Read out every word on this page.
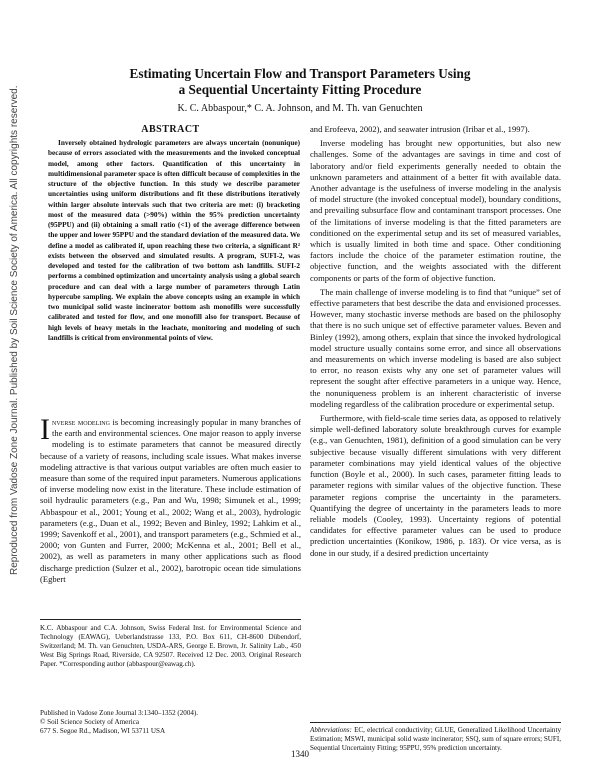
Reproduced from Vadose Zone Journal. Published by Soil Science Society of America. All copyrights reserved.
Estimating Uncertain Flow and Transport Parameters Using
a Sequential Uncertainty Fitting Procedure
K. C. Abbaspour,* C. A. Johnson, and M. Th. van Genuchten
ABSTRACT

Inversely obtained hydrologic parameters are always uncertain (nonunique) because of errors associated with the measurements and the invoked conceptual model, among other factors. Quantification of this uncertainty in multidimensional parameter space is often difficult because of complexities in the structure of the objective function. In this study we describe parameter uncertainties using uniform distributions and fit these distributions iteratively within larger absolute intervals such that two criteria are met: (i) bracketing most of the measured data (>90%) within the 95% prediction uncertainty (95PPU) and (ii) obtaining a small ratio (<1) of the average difference between the upper and lower 95PPU and the standard deviation of the measured data. We define a model as calibrated if, upon reaching these two criteria, a significant R² exists between the observed and simulated results. A program, SUFI-2, was developed and tested for the calibration of two bottom ash landfills. SUFI-2 performs a combined optimization and uncertainty analysis using a global search procedure and can deal with a large number of parameters through Latin hypercube sampling. We explain the above concepts using an example in which two municipal solid waste incinerator bottom ash monofills were successfully calibrated and tested for flow, and one monofill also for transport. Because of high levels of heavy metals in the leachate, monitoring and modeling of such landfills is critical from environmental points of view.

Inverse modeling is becoming increasingly popular in many branches of the earth and environmental sciences. One major reason to apply inverse modeling is to estimate parameters that cannot be measured directly because of a variety of reasons, including scale issues. What makes inverse modeling attractive is that various output variables are often much easier to measure than some of the required input parameters. Numerous applications of inverse modeling now exist in the literature. These include estimation of soil hydraulic parameters (e.g., Pan and Wu, 1998; Simunek et al., 1999; Abbaspour et al., 2001; Young et al., 2002; Wang et al., 2003), hydrologic parameters (e.g., Duan et al., 1992; Beven and Binley, 1992; Lahkim et al., 1999; Savenkoff et al., 2001), and transport parameters (e.g., Schmied et al., 2000; von Gunten and Furrer, 2000; McKenna et al., 2001; Bell et al., 2002), as well as parameters in many other applications such as flood discharge prediction (Sulzer et al., 2002), barotropic ocean tide simulations (Egbert

K.C. Abbaspour and C.A. Johnson, Swiss Federal Inst. for Environmental Science and Technology (EAWAG), Ueberlandstrasse 133, P.O. Box 611, CH-8600 Dübendorf, Switzerland; M. Th. van Genuchten, USDA-ARS, George E. Brown, Jr. Salinity Lab., 450 West Big Springs Road, Riverside, CA 92507. Received 12 Dec. 2003. Original Research Paper. *Corresponding author (abbaspour@eawag.ch).
Published in Vadose Zone Journal 3:1340–1352 (2004).
© Soil Science Society of America
677 S. Segoe Rd., Madison, WI 53711 USA

and Erofeeva, 2002), and seawater intrusion (Iribar et al., 1997).

Inverse modeling has brought new opportunities, but also new challenges. Some of the advantages are savings in time and cost of laboratory and/or field experiments generally needed to obtain the unknown parameters and attainment of a better fit with available data. Another advantage is the usefulness of inverse modeling in the analysis of model structure (the invoked conceptual model), boundary conditions, and prevailing subsurface flow and contaminant transport processes. One of the limitations of inverse modeling is that the fitted parameters are conditioned on the experimental setup and its set of measured variables, which is usually limited in both time and space. Other conditioning factors include the choice of the parameter estimation routine, the objective function, and the weights associated with the different components or parts of the form of objective function.

The main challenge of inverse modeling is to find that “unique” set of effective parameters that best describe the data and envisioned processes. However, many stochastic inverse methods are based on the philosophy that there is no such unique set of effective parameter values. Beven and Binley (1992), among others, explain that since the invoked hydrological model structure usually contains some error, and since all observations and measurements on which inverse modeling is based are also subject to error, no reason exists why any one set of parameter values will represent the sought after effective parameters in a unique way. Hence, the nonuniqueness problem is an inherent characteristic of inverse modeling regardless of the calibration procedure or experimental setup.

Furthermore, with field-scale time series data, as opposed to relatively simple well-defined laboratory solute breakthrough curves for example (e.g., van Genuchten, 1981), definition of a good simulation can be very subjective because visually different simulations with very different parameter combinations may yield identical values of the objective function (Boyle et al., 2000). In such cases, parameter fitting leads to parameter regions with similar values of the objective function. These parameter regions comprise the uncertainty in the parameters. Quantifying the degree of uncertainty in the parameters leads to more reliable models (Cooley, 1993). Uncertainty regions of potential candidates for effective parameter values can be used to produce prediction uncertainties (Konikow, 1986, p. 183). Or vice versa, as is done in our study, if a desired prediction uncertainty

Abbreviations: EC, electrical conductivity; GLUE, Generalized Likelihood Uncertainty Estimation; MSWI, municipal solid waste incinerator; SSQ, sum of square errors; SUFI, Sequential Uncertainty Fitting; 95PPU, 95% prediction uncertainty.
1340
